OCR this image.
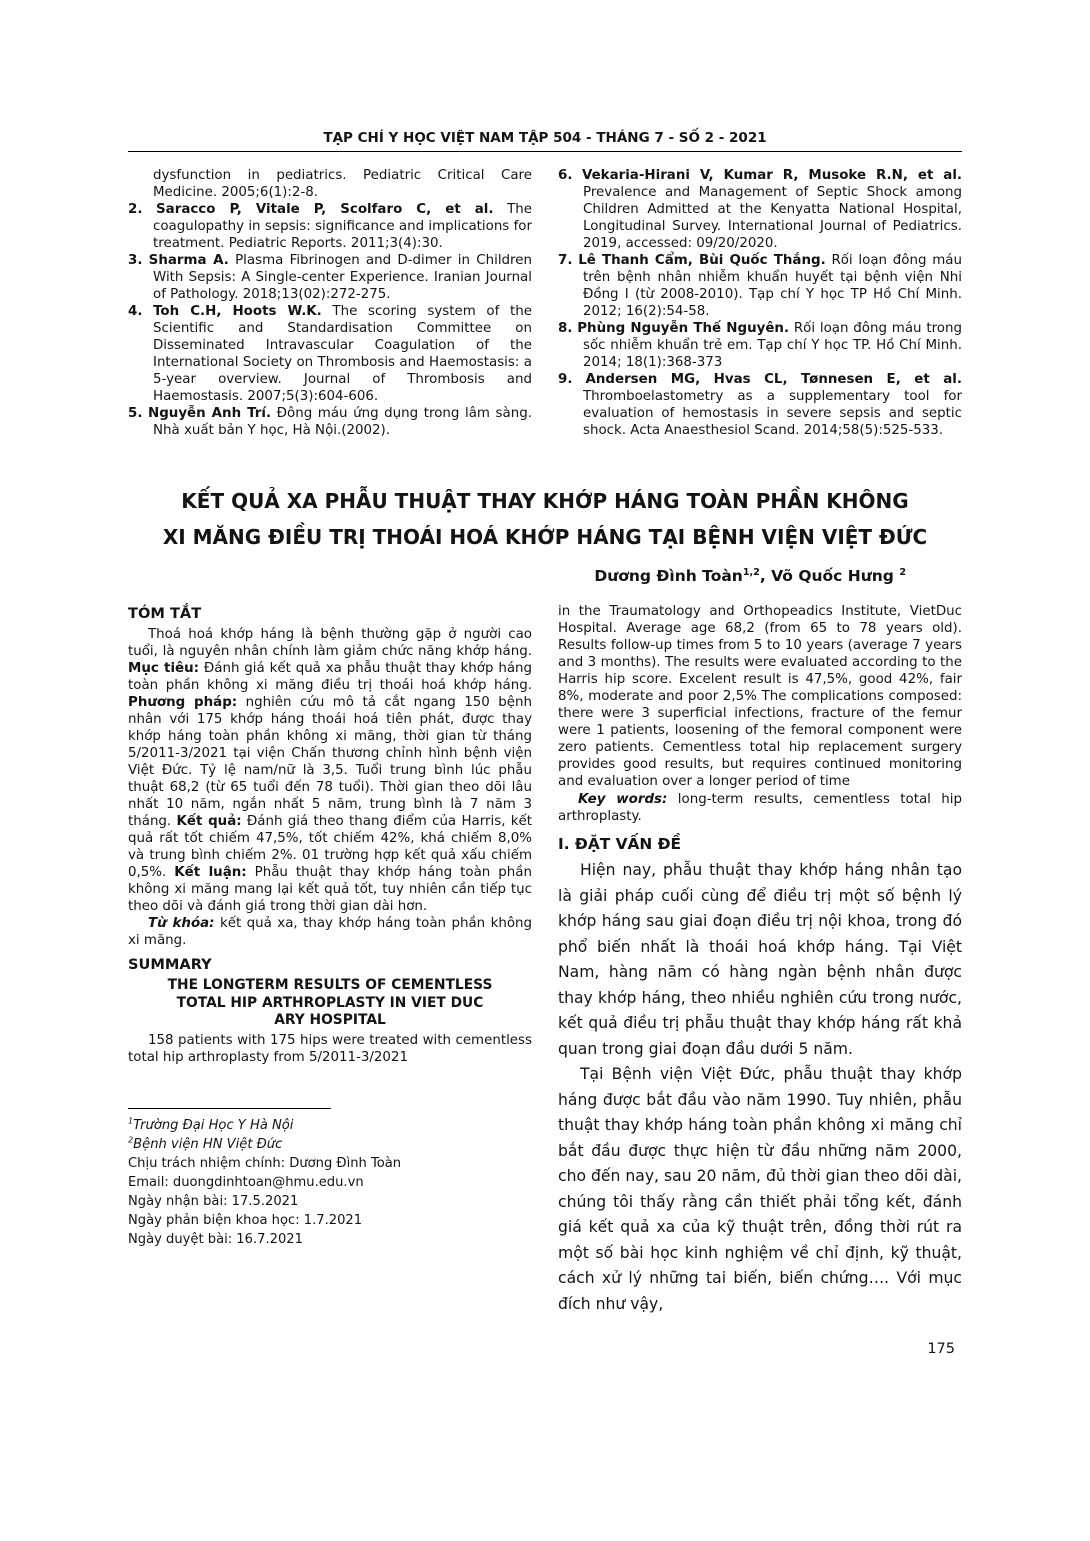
TẠP CHÍ Y HỌC VIỆT NAM TẬP 504 - THÁNG 7 - SỐ 2 - 2021
dysfunction in pediatrics. Pediatric Critical Care Medicine. 2005;6(1):2-8.
2. Saracco P, Vitale P, Scolfaro C, et al. The coagulopathy in sepsis: significance and implications for treatment. Pediatric Reports. 2011;3(4):30.
3. Sharma A. Plasma Fibrinogen and D-dimer in Children With Sepsis: A Single-center Experience. Iranian Journal of Pathology. 2018;13(02):272-275.
4. Toh C.H, Hoots W.K. The scoring system of the Scientific and Standardisation Committee on Disseminated Intravascular Coagulation of the International Society on Thrombosis and Haemostasis: a 5-year overview. Journal of Thrombosis and Haemostasis. 2007;5(3):604-606.
5. Nguyễn Anh Trí. Đông máu ứng dụng trong lâm sàng. Nhà xuất bản Y học, Hà Nội.(2002).
6. Vekaria-Hirani V, Kumar R, Musoke R.N, et al. Prevalence and Management of Septic Shock among Children Admitted at the Kenyatta National Hospital, Longitudinal Survey. International Journal of Pediatrics. 2019, accessed: 09/20/2020.
7. Lê Thanh Cẩm, Bùi Quốc Thắng. Rối loạn đông máu trên bệnh nhân nhiễm khuẩn huyết tại bệnh viện Nhi Đồng I (từ 2008-2010). Tạp chí Y học TP Hồ Chí Minh. 2012; 16(2):54-58.
8. Phùng Nguyễn Thế Nguyên. Rối loạn đông máu trong sốc nhiễm khuẩn trẻ em. Tạp chí Y học TP. Hồ Chí Minh. 2014; 18(1):368-373
9. Andersen MG, Hvas CL, Tønnesen E, et al. Thromboelastometry as a supplementary tool for evaluation of hemostasis in severe sepsis and septic shock. Acta Anaesthesiol Scand. 2014;58(5):525-533.
KẾT QUẢ XA PHẪU THUẬT THAY KHỚP HÁNG TOÀN PHẦN KHÔNG
XI MĂNG ĐIỀU TRỊ THOÁI HOÁ KHỚP HÁNG TẠI BỆNH VIỆN VIỆT ĐỨC
Dương Đình Toàn$^{1,2}$, Võ Quốc Hưng $^2$
TÓM TẮT

Thoá hoá khớp háng là bệnh thường gặp ở người cao tuổi, là nguyên nhân chính làm giảm chức năng khớp háng. Mục tiêu: Đánh giá kết quả xa phẫu thuật thay khớp háng toàn phần không xi măng điều trị thoái hoá khớp háng. Phương pháp: nghiên cứu mô tả cắt ngang 150 bệnh nhân với 175 khớp háng thoái hoá tiên phát, được thay khớp háng toàn phần không xi măng, thời gian từ tháng 5/2011-3/2021 tại viện Chấn thương chỉnh hình bệnh viện Việt Đức. Tỷ lệ nam/nữ là 3,5. Tuổi trung bình lúc phẫu thuật 68,2 (từ 65 tuổi đến 78 tuổi). Thời gian theo dõi lâu nhất 10 năm, ngắn nhất 5 năm, trung bình là 7 năm 3 tháng. Kết quả: Đánh giá theo thang điểm của Harris, kết quả rất tốt chiếm 47,5%, tốt chiếm 42%, khá chiếm 8,0% và trung bình chiếm 2%. 01 trường hợp kết quả xấu chiếm 0,5%. Kết luận: Phẫu thuật thay khớp háng toàn phần không xi măng mang lại kết quả tốt, tuy nhiên cần tiếp tục theo dõi và đánh giá trong thời gian dài hơn.

Từ khóa: kết quả xa, thay khớp háng toàn phần không xi măng.

SUMMARY
THE LONGTERM RESULTS OF CEMENTLESS
TOTAL HIP ARTHROPLASTY IN VIET DUC
ARY HOSPITAL

158 patients with 175 hips were treated with cementless total hip arthroplasty from 5/2011-3/2021

$^1$Trường Đại Học Y Hà Nội
$^2$Bệnh viện HN Việt Đức
Chịu trách nhiệm chính: Dương Đình Toàn
Email: duongdinhtoan@hmu.edu.vn
Ngày nhận bài: 17.5.2021
Ngày phản biện khoa học: 1.7.2021
Ngày duyệt bài: 16.7.2021

in the Traumatology and Orthopeadics Institute, VietDuc Hospital. Average age 68,2 (from 65 to 78 years old). Results follow-up times from 5 to 10 years (average 7 years and 3 months). The results were evaluated according to the Harris hip score. Excelent result is 47,5%, good 42%, fair 8%, moderate and poor 2,5% The complications composed: there were 3 superficial infections, fracture of the femur were 1 patients, loosening of the femoral component were zero patients. Cementless total hip replacement surgery provides good results, but requires continued monitoring and evaluation over a longer period of time

Key words: long-term results, cementless total hip arthroplasty.

I. ĐẶT VẤN ĐỀ

Hiện nay, phẫu thuật thay khớp háng nhân tạo là giải pháp cuối cùng để điều trị một số bệnh lý khớp háng sau giai đoạn điều trị nội khoa, trong đó phổ biến nhất là thoái hoá khớp háng. Tại Việt Nam, hàng năm có hàng ngàn bệnh nhân được thay khớp háng, theo nhiều nghiên cứu trong nước, kết quả điều trị phẫu thuật thay khớp háng rất khả quan trong giai đoạn đầu dưới 5 năm.

Tại Bệnh viện Việt Đức, phẫu thuật thay khớp háng được bắt đầu vào năm 1990. Tuy nhiên, phẫu thuật thay khớp háng toàn phần không xi măng chỉ bắt đầu được thực hiện từ đầu những năm 2000, cho đến nay, sau 20 năm, đủ thời gian theo dõi dài, chúng tôi thấy rằng cần thiết phải tổng kết, đánh giá kết quả xa của kỹ thuật trên, đồng thời rút ra một số bài học kinh nghiệm về chỉ định, kỹ thuật, cách xử lý những tai biến, biến chứng…. Với mục đích như vậy,

175
